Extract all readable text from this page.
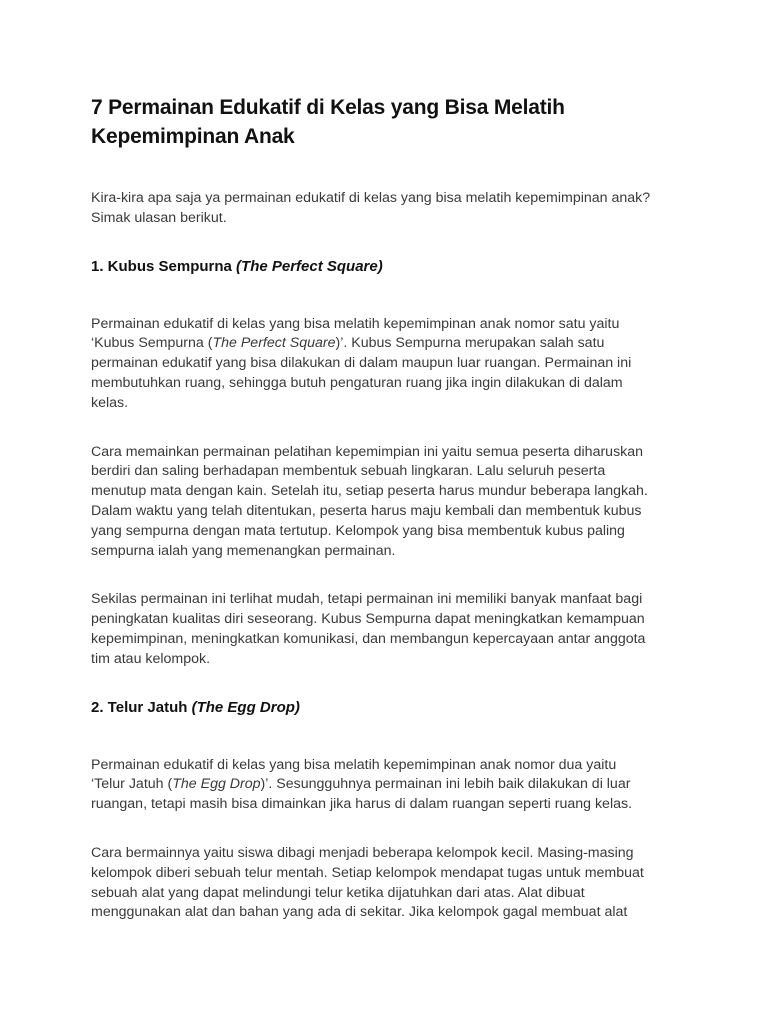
7 Permainan Edukatif di Kelas yang Bisa Melatih
Kepemimpinan Anak

Kira-kira apa saja ya permainan edukatif di kelas yang bisa melatih kepemimpinan anak?
Simak ulasan berikut.

1. Kubus Sempurna (The Perfect Square)

Permainan edukatif di kelas yang bisa melatih kepemimpinan anak nomor satu yaitu
‘Kubus Sempurna (The Perfect Square)’. Kubus Sempurna merupakan salah satu
permainan edukatif yang bisa dilakukan di dalam maupun luar ruangan. Permainan ini
membutuhkan ruang, sehingga butuh pengaturan ruang jika ingin dilakukan di dalam
kelas.

Cara memainkan permainan pelatihan kepemimpian ini yaitu semua peserta diharuskan
berdiri dan saling berhadapan membentuk sebuah lingkaran. Lalu seluruh peserta
menutup mata dengan kain. Setelah itu, setiap peserta harus mundur beberapa langkah.
Dalam waktu yang telah ditentukan, peserta harus maju kembali dan membentuk kubus
yang sempurna dengan mata tertutup. Kelompok yang bisa membentuk kubus paling
sempurna ialah yang memenangkan permainan.

Sekilas permainan ini terlihat mudah, tetapi permainan ini memiliki banyak manfaat bagi
peningkatan kualitas diri seseorang. Kubus Sempurna dapat meningkatkan kemampuan
kepemimpinan, meningkatkan komunikasi, dan membangun kepercayaan antar anggota
tim atau kelompok.

2. Telur Jatuh (The Egg Drop)

Permainan edukatif di kelas yang bisa melatih kepemimpinan anak nomor dua yaitu
‘Telur Jatuh (The Egg Drop)’. Sesungguhnya permainan ini lebih baik dilakukan di luar
ruangan, tetapi masih bisa dimainkan jika harus di dalam ruangan seperti ruang kelas.

Cara bermainnya yaitu siswa dibagi menjadi beberapa kelompok kecil. Masing-masing
kelompok diberi sebuah telur mentah. Setiap kelompok mendapat tugas untuk membuat
sebuah alat yang dapat melindungi telur ketika dijatuhkan dari atas. Alat dibuat
menggunakan alat dan bahan yang ada di sekitar. Jika kelompok gagal membuat alat
